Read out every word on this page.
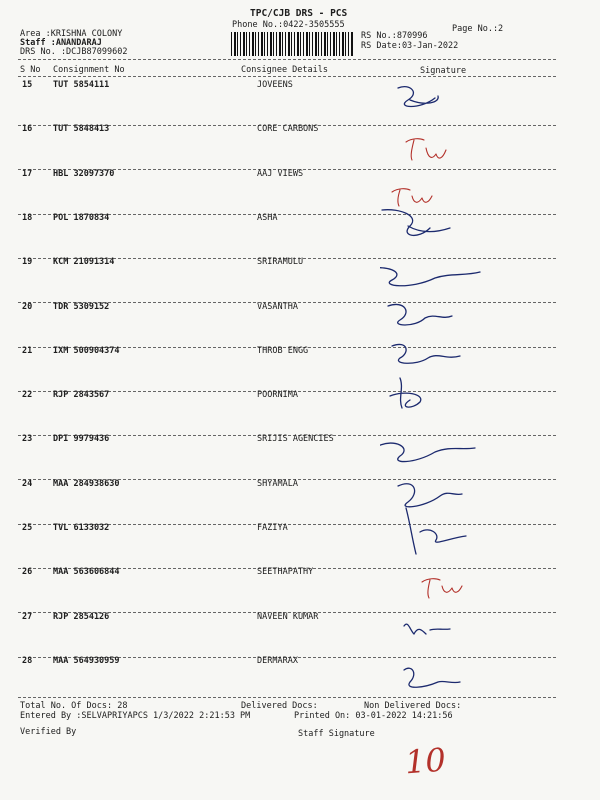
TPC/CJB DRS - PCS
Phone No.:0422-3505555	Page No.:2
Area :KRISHNA COLONY
Staff :ANANDARAJ
DRS No. :DCJB87099602
RS No.:870996
RS Date:03-Jan-2022
S No Consignment No	Consignee Details	Signature
15 TUT 5854111	JOVEENS
16 TUT 5848413	CORE CARBONS
17 HBL 32097370	AAJ VIEWS
18 POL 1870834	ASHA
19 KCM 21091314	SRIRAMULU
20 TDR 5309152	VASANTHA
21 IXM 500904374	THROB ENGG
22 RJP 2843567	POORNIMA
23 DPI 9979436	SRIJIS AGENCIES
24 MAA 284938630	SHYAMALA
25 TVL 6133032	FAZIYA
26 MAA 563606844	SEETHAPATHY
27 RJP 2854126	NAVEEN KUMAR
28 MAA 564930959	DERMARAX
Total No. Of Docs: 28	Delivered Docs:	Non Delivered Docs:
Entered By :SELVAPRIYAPCS 1/3/2022 2:21:53 PM	Printed On: 03-01-2022 14:21:56
Verified By	Staff Signature
10
